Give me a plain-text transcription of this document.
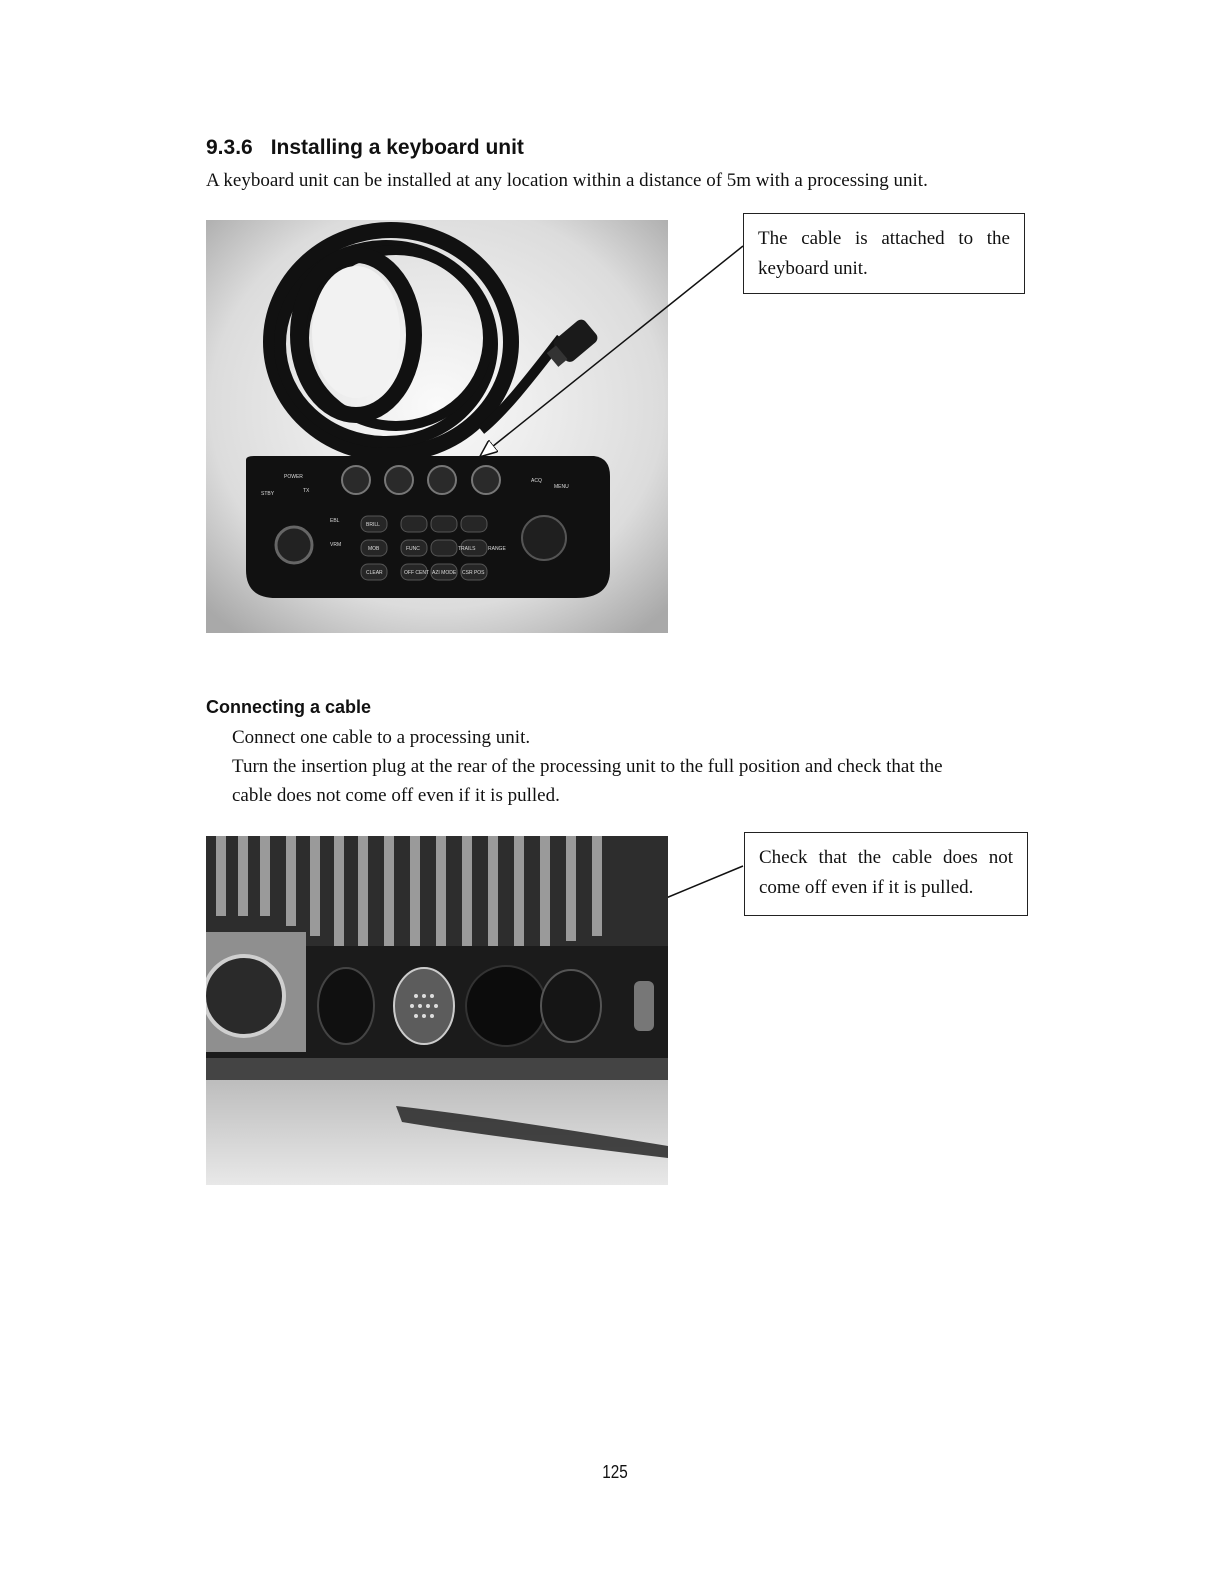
9.3.6 Installing a keyboard unit
A keyboard unit can be installed at any location within a distance of 5m with a processing unit.
POWER
STBY	TX
ACQ
MENU
EBL
VRM
MOB	FUNC
CLEAR
BRILL
OFF CENT AZI MODE CSR POS
TRAILS RANGE
The cable is attached to the keyboard unit.
Connecting a cable
Connect one cable to a processing unit.
Turn the insertion plug at the rear of the processing unit to the full position and check that the
cable does not come off even if it is pulled.
Check that the cable does not come off even if it is pulled.
125
